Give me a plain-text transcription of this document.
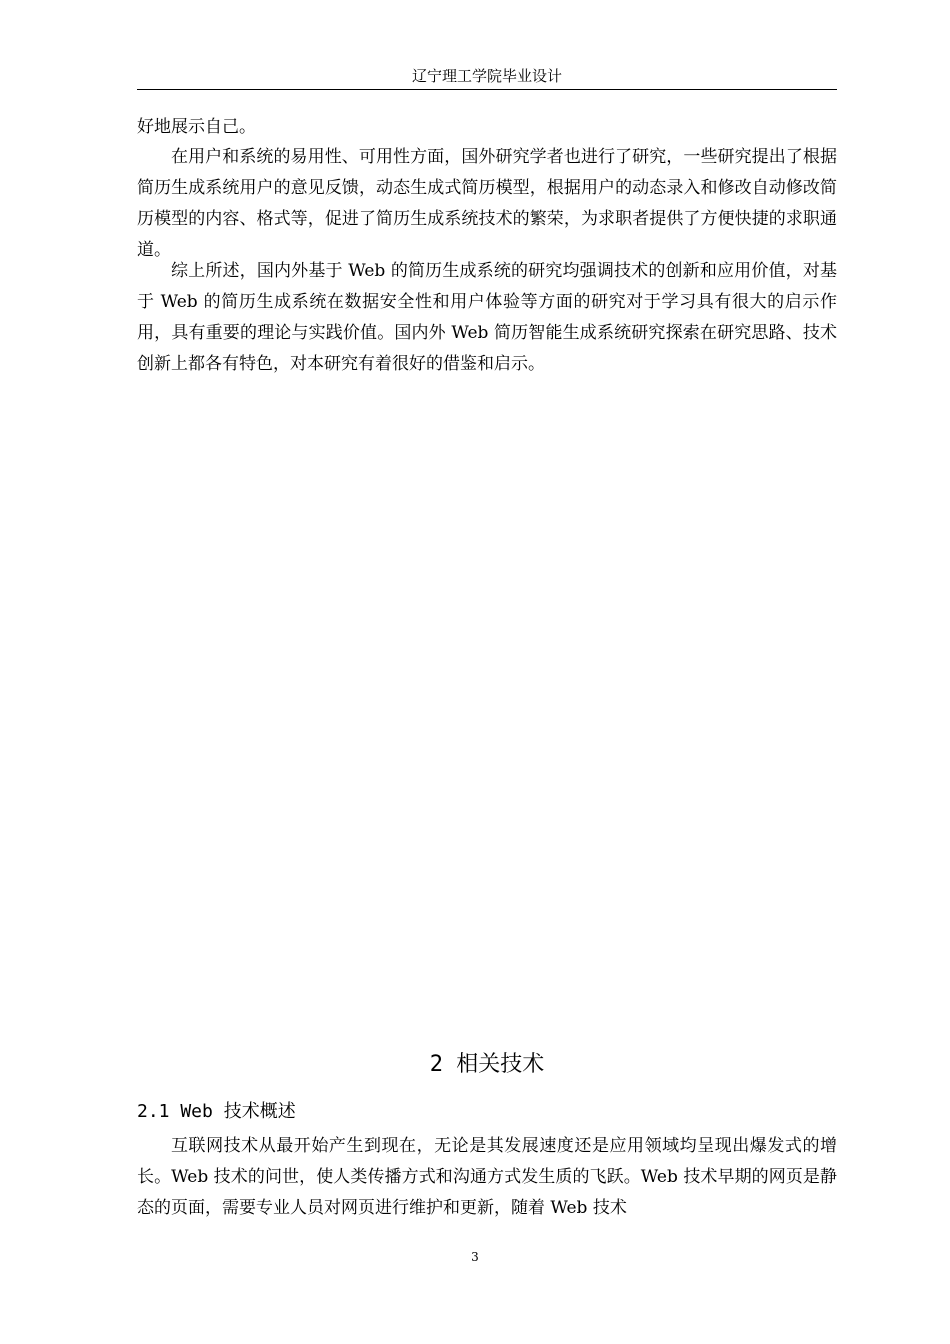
辽宁理工学院毕业设计

好地展示自己。

在用户和系统的易用性、可用性方面，国外研究学者也进行了研究，一些研究提出了根据简历生成系统用户的意见反馈，动态生成式简历模型，根据用户的动态录入和修改自动修改简历模型的内容、格式等，促进了简历生成系统技术的繁荣，为求职者提供了方便快捷的求职通道。

综上所述，国内外基于 Web 的简历生成系统的研究均强调技术的创新和应用价值，对基于 Web 的简历生成系统在数据安全性和用户体验等方面的研究对于学习具有很大的启示作用，具有重要的理论与实践价值。国内外 Web 简历智能生成系统研究探索在研究思路、技术创新上都各有特色，对本研究有着很好的借鉴和启示。

2 相关技术
2.1 Web 技术概述

互联网技术从最开始产生到现在，无论是其发展速度还是应用领域均呈现出爆发式的增长。Web 技术的问世，使人类传播方式和沟通方式发生质的飞跃。Web 技术早期的网页是静态的页面，需要专业人员对网页进行维护和更新，随着 Web 技术

3
